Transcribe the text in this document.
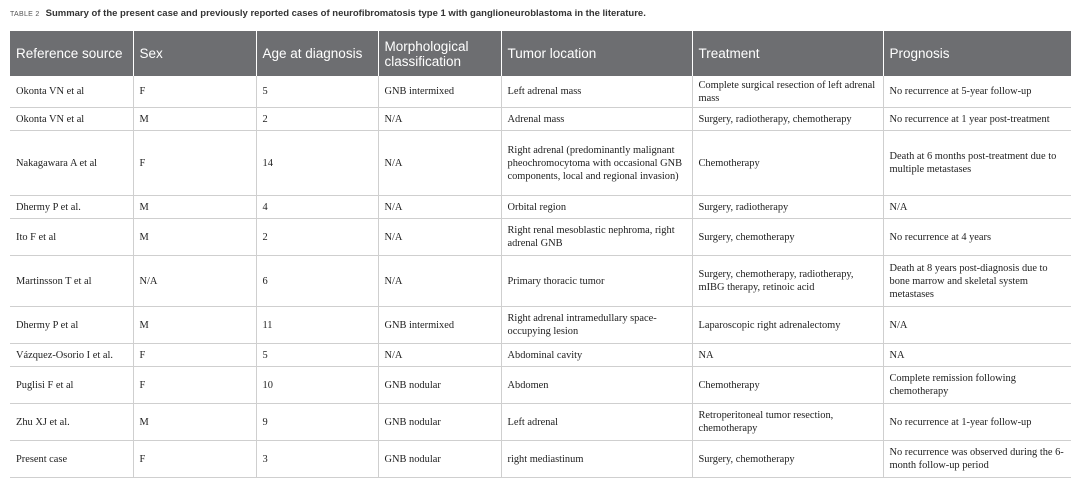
TABLE 2 Summary of the present case and previously reported cases of neurofibromatosis type 1 with ganglioneuroblastoma in the literature.
Reference source	Sex	Age at diagnosis	Morphological classification	Tumor location	Treatment	Prognosis
Okonta VN et al	F	5	GNB intermixed	Left adrenal mass	Complete surgical resection of left adrenal mass	No recurrence at 5-year follow-up
Okonta VN et al	M	2	N/A	Adrenal mass	Surgery, radiotherapy, chemotherapy	No recurrence at 1 year post-treatment
Nakagawara A et al	F	14	N/A	Right adrenal (predominantly malignant pheochromocytoma with occasional GNB components, local and regional invasion)	Chemotherapy	Death at 6 months post-treatment due to multiple metastases
Dhermy P et al.	M	4	N/A	Orbital region	Surgery, radiotherapy	N/A
Ito F et al	M	2	N/A	Right renal mesoblastic nephroma, right adrenal GNB	Surgery, chemotherapy	No recurrence at 4 years
Martinsson T et al	N/A	6	N/A	Primary thoracic tumor	Surgery, chemotherapy, radiotherapy, mIBG therapy, retinoic acid	Death at 8 years post-diagnosis due to bone marrow and skeletal system metastases
Dhermy P et al	M	11	GNB intermixed	Right adrenal intramedullary space-occupying lesion	Laparoscopic right adrenalectomy	N/A
Vázquez-Osorio I et al.	F	5	N/A	Abdominal cavity	NA	NA
Puglisi F et al	F	10	GNB nodular	Abdomen	Chemotherapy	Complete remission following chemotherapy
Zhu XJ et al.	M	9	GNB nodular	Left adrenal	Retroperitoneal tumor resection, chemotherapy	No recurrence at 1-year follow-up
Present case	F	3	GNB nodular	right mediastinum	Surgery, chemotherapy	No recurrence was observed during the 6-month follow-up period
